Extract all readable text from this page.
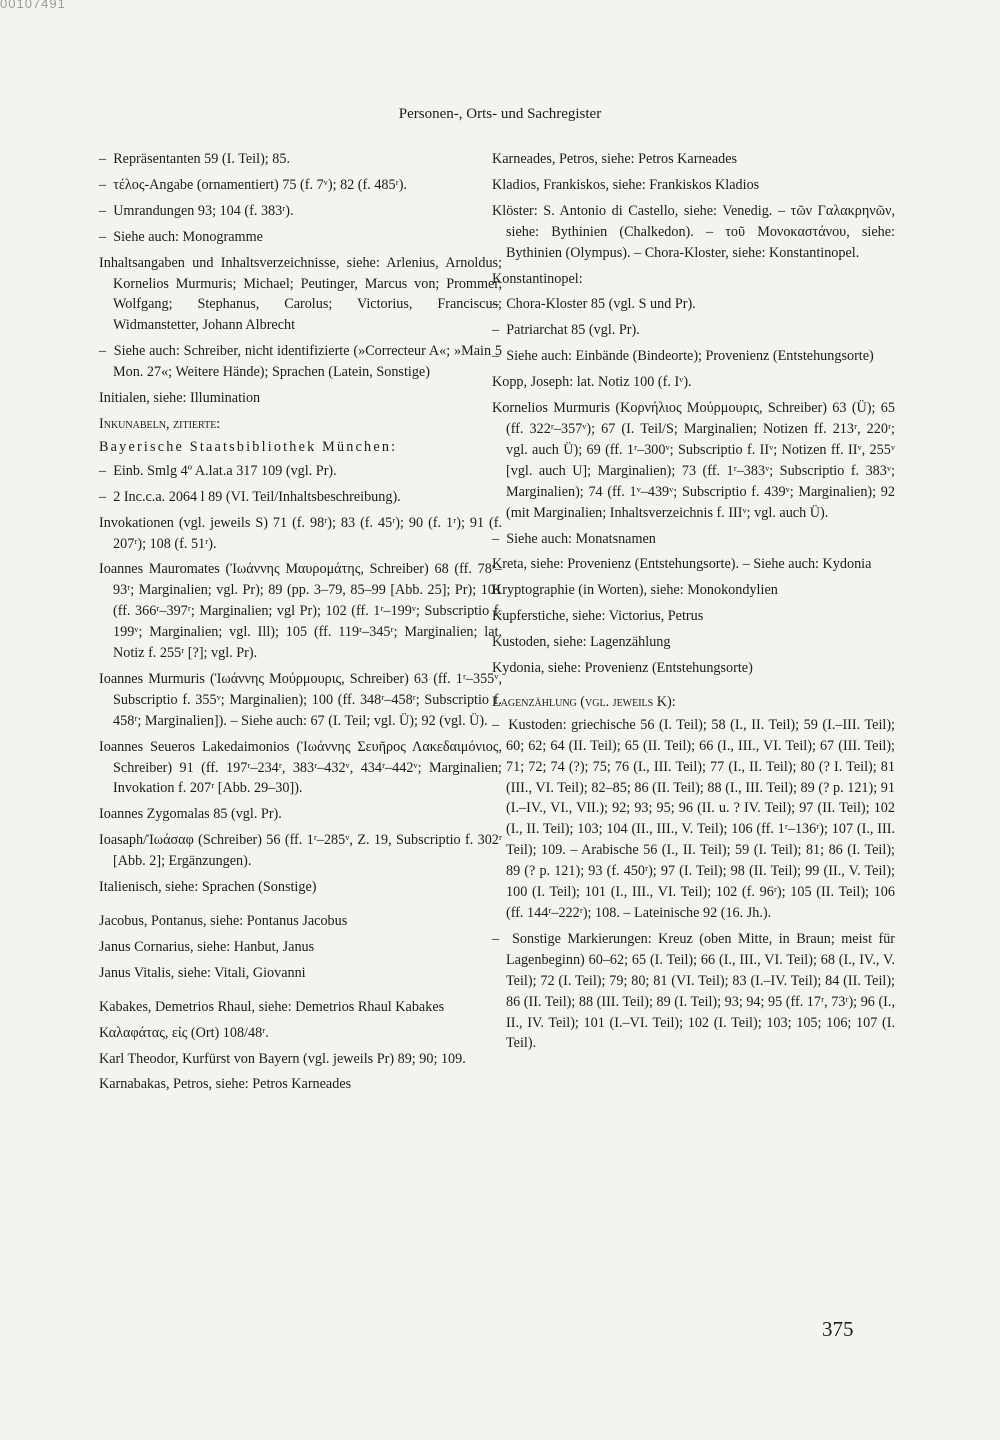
00107491
Personen-, Orts- und Sachregister
–  Repräsentanten 59 (I. Teil); 85.
–  τέλος-Angabe (ornamentiert) 75 (f. 7ᵛ); 82 (f. 485ʳ).
–  Umrandungen 93; 104 (f. 383ʳ).
–  Siehe auch: Monogramme
Inhaltsangaben und Inhaltsverzeichnisse, siehe: Arlenius, Arnoldus; Kornelios Murmuris; Michael; Peutinger, Marcus von; Prommer, Wolfgang; Stephanus, Carolus; Victorius, Franciscus; Widmanstetter, Johann Albrecht
–  Siehe auch: Schreiber, nicht identifizierte (»Correcteur A«; »Main 5 Mon. 27«; Weitere Hände); Sprachen (Latein, Sonstige)
Initialen, siehe: Illumination
Inkunabeln, zitierte:
Bayerische Staatsbibliothek München:
–  Einb. Smlg 4º A.lat.a 317 109 (vgl. Pr).
–  2 Inc.c.a. 2064 l 89 (VI. Teil/Inhaltsbeschreibung).
Invokationen (vgl. jeweils S) 71 (f. 98ʳ); 83 (f. 45ʳ); 90 (f. 1ʳ); 91 (f. 207ʳ); 108 (f. 51ʳ).
Ioannes Mauromates (Ἰωάννης Μαυρομάτης, Schreiber) 68 (ff. 78ʳ–93ʳ; Marginalien; vgl. Pr); 89 (pp. 3–79, 85–99 [Abb. 25]; Pr); 101 (ff. 366ʳ–397ʳ; Marginalien; vgl Pr); 102 (ff. 1ʳ–199ᵛ; Subscriptio f. 199ᵛ; Marginalien; vgl. Ill); 105 (ff. 119ʳ–345ʳ; Marginalien; lat. Notiz f. 255ʳ [?]; vgl. Pr).
Ioannes Murmuris (Ἰωάννης Μούρμουρις, Schreiber) 63 (ff. 1ʳ–355ᵛ, Subscriptio f. 355ᵛ; Marginalien); 100 (ff. 348ʳ–458ʳ; Subscriptio f. 458ʳ; Marginalien]). – Siehe auch: 67 (I. Teil; vgl. Ü); 92 (vgl. Ü).
Ioannes Seueros Lakedaimonios (Ἰωάννης Σευῆρος Λακεδαιμόνιος, Schreiber) 91 (ff. 197ʳ–234ʳ, 383ʳ–432ᵛ, 434ʳ–442ᵛ; Marginalien; Invokation f. 207ʳ [Abb. 29–30]).
Ioannes Zygomalas 85 (vgl. Pr).
Ioasaph/Ἰωάσαφ (Schreiber) 56 (ff. 1ʳ–285ᵛ, Z. 19, Subscriptio f. 302ʳ [Abb. 2]; Ergänzungen).
Italienisch, siehe: Sprachen (Sonstige)
Jacobus, Pontanus, siehe: Pontanus Jacobus
Janus Cornarius, siehe: Hanbut, Janus
Janus Vitalis, siehe: Vitali, Giovanni
Kabakes, Demetrios Rhaul, siehe: Demetrios Rhaul Kabakes
Καλαφάτας, εἰς (Ort) 108/48ʳ.
Karl Theodor, Kurfürst von Bayern (vgl. jeweils Pr) 89; 90; 109.
Karnabakas, Petros, siehe: Petros Karneades
Karneades, Petros, siehe: Petros Karneades
Kladios, Frankiskos, siehe: Frankiskos Kladios
Klöster: S. Antonio di Castello, siehe: Venedig. – τῶν Γαλακρηνῶν, siehe: Bythinien (Chalkedon). – τοῦ Μονοκαστάνου, siehe: Bythinien (Olympus). – Chora-Kloster, siehe: Konstantinopel.
Konstantinopel:
–  Chora-Kloster 85 (vgl. S und Pr).
–  Patriarchat 85 (vgl. Pr).
–  Siehe auch: Einbände (Bindeorte); Provenienz (Entstehungsorte)
Kopp, Joseph: lat. Notiz 100 (f. Iᵛ).
Kornelios Murmuris (Κορνήλιος Μούρμουρις, Schreiber) 63 (Ü); 65 (ff. 322ʳ–357ᵛ); 67 (I. Teil/S; Marginalien; Notizen ff. 213ʳ, 220ʳ; vgl. auch Ü); 69 (ff. 1ʳ–300ᵛ; Subscriptio f. IIᵛ; Notizen ff. IIᵛ, 255ᵛ [vgl. auch U]; Marginalien); 73 (ff. 1ʳ–383ᵛ; Subscriptio f. 383ᵛ; Marginalien); 74 (ff. 1ᵛ–439ᵛ; Subscriptio f. 439ᵛ; Marginalien); 92 (mit Marginalien; Inhaltsverzeichnis f. IIIᵛ; vgl. auch Ü).
–  Siehe auch: Monatsnamen
Kreta, siehe: Provenienz (Entstehungsorte). – Siehe auch: Kydonia
Kryptographie (in Worten), siehe: Monokondylien
Kupferstiche, siehe: Victorius, Petrus
Kustoden, siehe: Lagenzählung
Kydonia, siehe: Provenienz (Entstehungsorte)
Lagenzählung (vgl. jeweils K):
–  Kustoden: griechische 56 (I. Teil); 58 (I., II. Teil); 59 (I.–III. Teil); 60; 62; 64 (II. Teil); 65 (II. Teil); 66 (I., III., VI. Teil); 67 (III. Teil); 71; 72; 74 (?); 75; 76 (I., III. Teil); 77 (I., II. Teil); 80 (? I. Teil); 81 (III., VI. Teil); 82–85; 86 (II. Teil); 88 (I., III. Teil); 89 (? p. 121); 91 (I.–IV., VI., VII.); 92; 93; 95; 96 (II. u. ? IV. Teil); 97 (II. Teil); 102 (I., II. Teil); 103; 104 (II., III., V. Teil); 106 (ff. 1ʳ–136ʳ); 107 (I., III. Teil); 109. – Arabische 56 (I., II. Teil); 59 (I. Teil); 81; 86 (I. Teil); 89 (? p. 121); 93 (f. 450ʳ); 97 (I. Teil); 98 (II. Teil); 99 (II., V. Teil); 100 (I. Teil); 101 (I., III., VI. Teil); 102 (f. 96ʳ); 105 (II. Teil); 106 (ff. 144ʳ–222ʳ); 108. – Lateinische 92 (16. Jh.).
–  Sonstige Markierungen: Kreuz (oben Mitte, in Braun; meist für Lagenbeginn) 60–62; 65 (I. Teil); 66 (I., III., VI. Teil); 68 (I., IV., V. Teil); 72 (I. Teil); 79; 80; 81 (VI. Teil); 83 (I.–IV. Teil); 84 (II. Teil); 86 (II. Teil); 88 (III. Teil); 89 (I. Teil); 93; 94; 95 (ff. 17ʳ, 73ʳ); 96 (I., II., IV. Teil); 101 (I.–VI. Teil); 102 (I. Teil); 103; 105; 106; 107 (I. Teil).
375
